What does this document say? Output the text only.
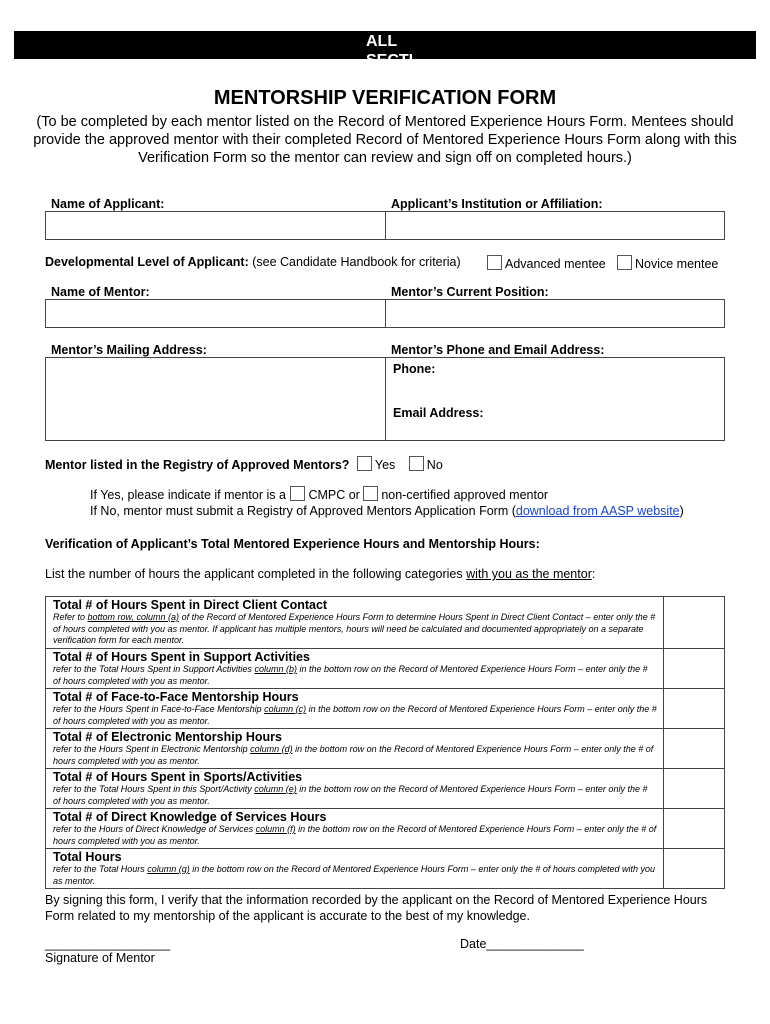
ALL SECTI
MENTORSHIP VERIFICATION FORM
(To be completed by each mentor listed on the Record of Mentored Experience Hours Form. Mentees should provide the approved mentor with their completed Record of Mentored Experience Hours Form along with this Verification Form so the mentor can review and sign off on completed hours.)
Name of Applicant:	Applicant’s Institution or Affiliation:
Developmental Level of Applicant: (see Candidate Handbook for criteria)	Advanced mentee	Novice mentee
Name of Mentor:	Mentor’s Current Position:
Mentor’s Mailing Address:	Mentor’s Phone and Email Address:
Phone:
Email Address:
Mentor listed in the Registry of Approved Mentors? Yes	No
If Yes, please indicate if mentor is a CMPC or non-certified approved mentor
If No, mentor must submit a Registry of Approved Mentors Application Form (download from AASP website)
Verification of Applicant’s Total Mentored Experience Hours and Mentorship Hours:
List the number of hours the applicant completed in the following categories with you as the mentor:
Total # of Hours Spent in Direct Client Contact
Refer to bottom row, column (a) of the Record of Mentored Experience Hours Form to determine Hours Spent in Direct Client Contact – enter only the # of hours completed with you as mentor. If applicant has multiple mentors, hours will need be calculated and documented appropriately on a separate verification form for each mentor.	

Total # of Hours Spent in Support Activities
refer to the Total Hours Spent in Support Activities column (b) in the bottom row on the Record of Mentored Experience Hours Form – enter only the # of hours completed with you as mentor.	

Total # of Face-to-Face Mentorship Hours
refer to the Hours Spent in Face-to-Face Mentorship column (c) in the bottom row on the Record of Mentored Experience Hours Form – enter only the # of hours completed with you as mentor.	

Total # of Electronic Mentorship Hours
refer to the Hours Spent in Electronic Mentorship column (d) in the bottom row on the Record of Mentored Experience Hours Form – enter only the # of hours completed with you as mentor.	

Total # of Hours Spent in Sports/Activities
refer to the Total Hours Spent in this Sport/Activity column (e) in the bottom row on the Record of Mentored Experience Hours Form – enter only the # of hours completed with you as mentor.	

Total # of Direct Knowledge of Services Hours
refer to the Hours of Direct Knowledge of Services column (f) in the bottom row on the Record of Mentored Experience Hours Form – enter only the # of hours completed with you as mentor.	

Total Hours
refer to the Total Hours column (g) in the bottom row on the Record of Mentored Experience Hours Form – enter only the # of hours completed with you as mentor.	

By signing this form, I verify that the information recorded by the applicant on the Record of Mentored Experience Hours Form related to my mentorship of the applicant is accurate to the best of my knowledge.
__________________
Signature of Mentor
Date______________
